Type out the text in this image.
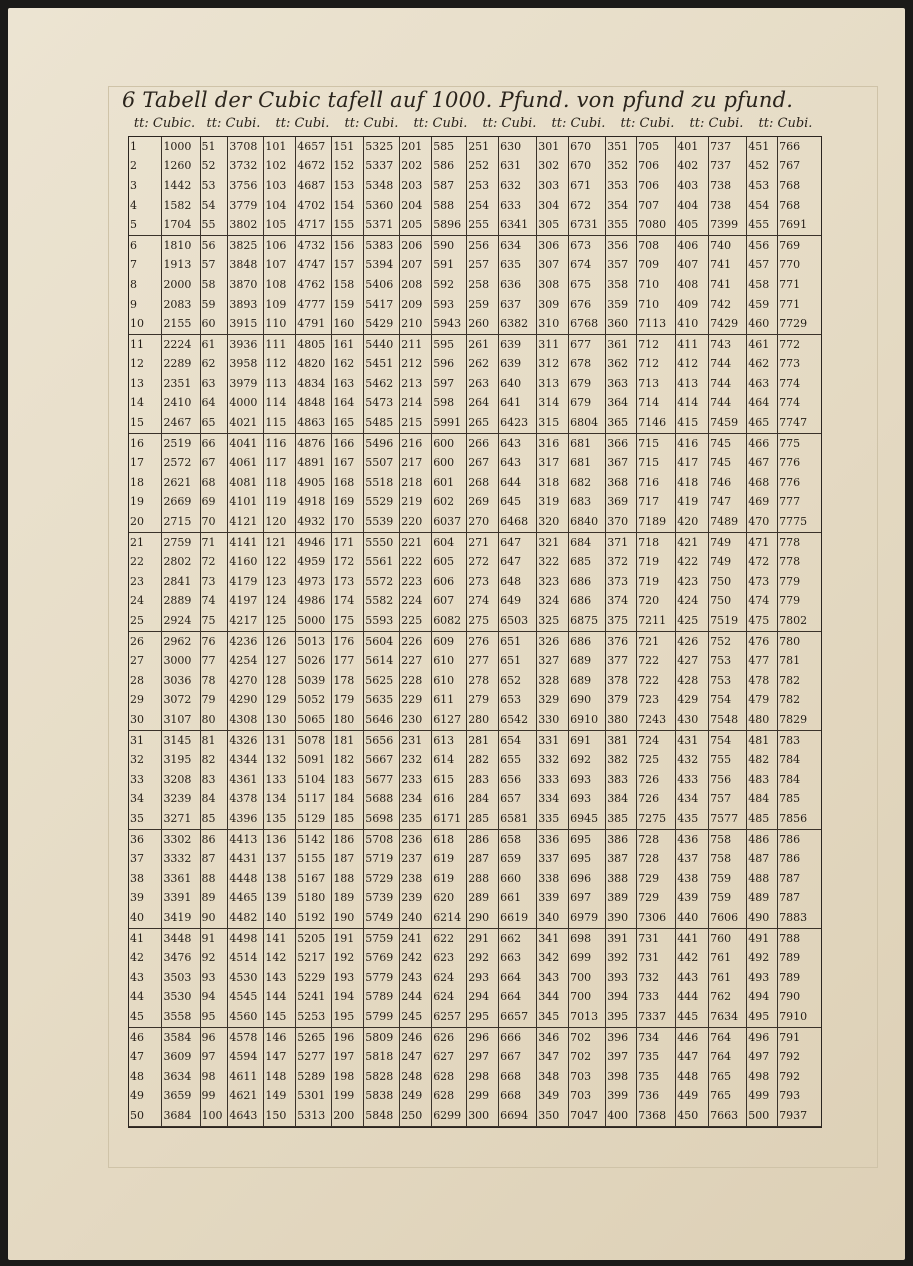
6 Tabell der Cubic tafell auf 1000. Pfund. von pfund zu pfund.
tt: Cubic. tt: Cubi.	tt: Cubi.	tt: Cubi.	tt: Cubi.	tt: Cubi.	tt: Cubi.	tt: Cubi.	tt: Cubi.	tt: Cubi.
1	1000	51	3708	101	4657	151	5325	201	585	251	630	301	670	351	705	401	737	451	766
2	1260	52	3732	102	4672	152	5337	202	586	252	631	302	670	352	706	402	737	452	767
3	1442	53	3756	103	4687	153	5348	203	587	253	632	303	671	353	706	403	738	453	768
4	1582	54	3779	104	4702	154	5360	204	588	254	633	304	672	354	707	404	738	454	768
5	1704	55	3802	105	4717	155	5371	205	5896	255	6341	305	6731	355	7080	405	7399	455	7691
6	1810	56	3825	106	4732	156	5383	206	590	256	634	306	673	356	708	406	740	456	769
7	1913	57	3848	107	4747	157	5394	207	591	257	635	307	674	357	709	407	741	457	770
8	2000	58	3870	108	4762	158	5406	208	592	258	636	308	675	358	710	408	741	458	771
9	2083	59	3893	109	4777	159	5417	209	593	259	637	309	676	359	710	409	742	459	771
10	2155	60	3915	110	4791	160	5429	210	5943	260	6382	310	6768	360	7113	410	7429	460	7729
11	2224	61	3936	111	4805	161	5440	211	595	261	639	311	677	361	712	411	743	461	772
12	2289	62	3958	112	4820	162	5451	212	596	262	639	312	678	362	712	412	744	462	773
13	2351	63	3979	113	4834	163	5462	213	597	263	640	313	679	363	713	413	744	463	774
14	2410	64	4000	114	4848	164	5473	214	598	264	641	314	679	364	714	414	744	464	774
15	2467	65	4021	115	4863	165	5485	215	5991	265	6423	315	6804	365	7146	415	7459	465	7747
16	2519	66	4041	116	4876	166	5496	216	600	266	643	316	681	366	715	416	745	466	775
17	2572	67	4061	117	4891	167	5507	217	600	267	643	317	681	367	715	417	745	467	776
18	2621	68	4081	118	4905	168	5518	218	601	268	644	318	682	368	716	418	746	468	776
19	2669	69	4101	119	4918	169	5529	219	602	269	645	319	683	369	717	419	747	469	777
20	2715	70	4121	120	4932	170	5539	220	6037	270	6468	320	6840	370	7189	420	7489	470	7775
21	2759	71	4141	121	4946	171	5550	221	604	271	647	321	684	371	718	421	749	471	778
22	2802	72	4160	122	4959	172	5561	222	605	272	647	322	685	372	719	422	749	472	778
23	2841	73	4179	123	4973	173	5572	223	606	273	648	323	686	373	719	423	750	473	779
24	2889	74	4197	124	4986	174	5582	224	607	274	649	324	686	374	720	424	750	474	779
25	2924	75	4217	125	5000	175	5593	225	6082	275	6503	325	6875	375	7211	425	7519	475	7802
26	2962	76	4236	126	5013	176	5604	226	609	276	651	326	686	376	721	426	752	476	780
27	3000	77	4254	127	5026	177	5614	227	610	277	651	327	689	377	722	427	753	477	781
28	3036	78	4270	128	5039	178	5625	228	610	278	652	328	689	378	722	428	753	478	782
29	3072	79	4290	129	5052	179	5635	229	611	279	653	329	690	379	723	429	754	479	782
30	3107	80	4308	130	5065	180	5646	230	6127	280	6542	330	6910	380	7243	430	7548	480	7829
31	3145	81	4326	131	5078	181	5656	231	613	281	654	331	691	381	724	431	754	481	783
32	3195	82	4344	132	5091	182	5667	232	614	282	655	332	692	382	725	432	755	482	784
33	3208	83	4361	133	5104	183	5677	233	615	283	656	333	693	383	726	433	756	483	784
34	3239	84	4378	134	5117	184	5688	234	616	284	657	334	693	384	726	434	757	484	785
35	3271	85	4396	135	5129	185	5698	235	6171	285	6581	335	6945	385	7275	435	7577	485	7856
36	3302	86	4413	136	5142	186	5708	236	618	286	658	336	695	386	728	436	758	486	786
37	3332	87	4431	137	5155	187	5719	237	619	287	659	337	695	387	728	437	758	487	786
38	3361	88	4448	138	5167	188	5729	238	619	288	660	338	696	388	729	438	759	488	787
39	3391	89	4465	139	5180	189	5739	239	620	289	661	339	697	389	729	439	759	489	787
40	3419	90	4482	140	5192	190	5749	240	6214	290	6619	340	6979	390	7306	440	7606	490	7883
41	3448	91	4498	141	5205	191	5759	241	622	291	662	341	698	391	731	441	760	491	788
42	3476	92	4514	142	5217	192	5769	242	623	292	663	342	699	392	731	442	761	492	789
43	3503	93	4530	143	5229	193	5779	243	624	293	664	343	700	393	732	443	761	493	789
44	3530	94	4545	144	5241	194	5789	244	624	294	664	344	700	394	733	444	762	494	790
45	3558	95	4560	145	5253	195	5799	245	6257	295	6657	345	7013	395	7337	445	7634	495	7910
46	3584	96	4578	146	5265	196	5809	246	626	296	666	346	702	396	734	446	764	496	791
47	3609	97	4594	147	5277	197	5818	247	627	297	667	347	702	397	735	447	764	497	792
48	3634	98	4611	148	5289	198	5828	248	628	298	668	348	703	398	735	448	765	498	792
49	3659	99	4621	149	5301	199	5838	249	628	299	668	349	703	399	736	449	765	499	793
50	3684	100	4643	150	5313	200	5848	250	6299	300	6694	350	7047	400	7368	450	7663	500	7937
